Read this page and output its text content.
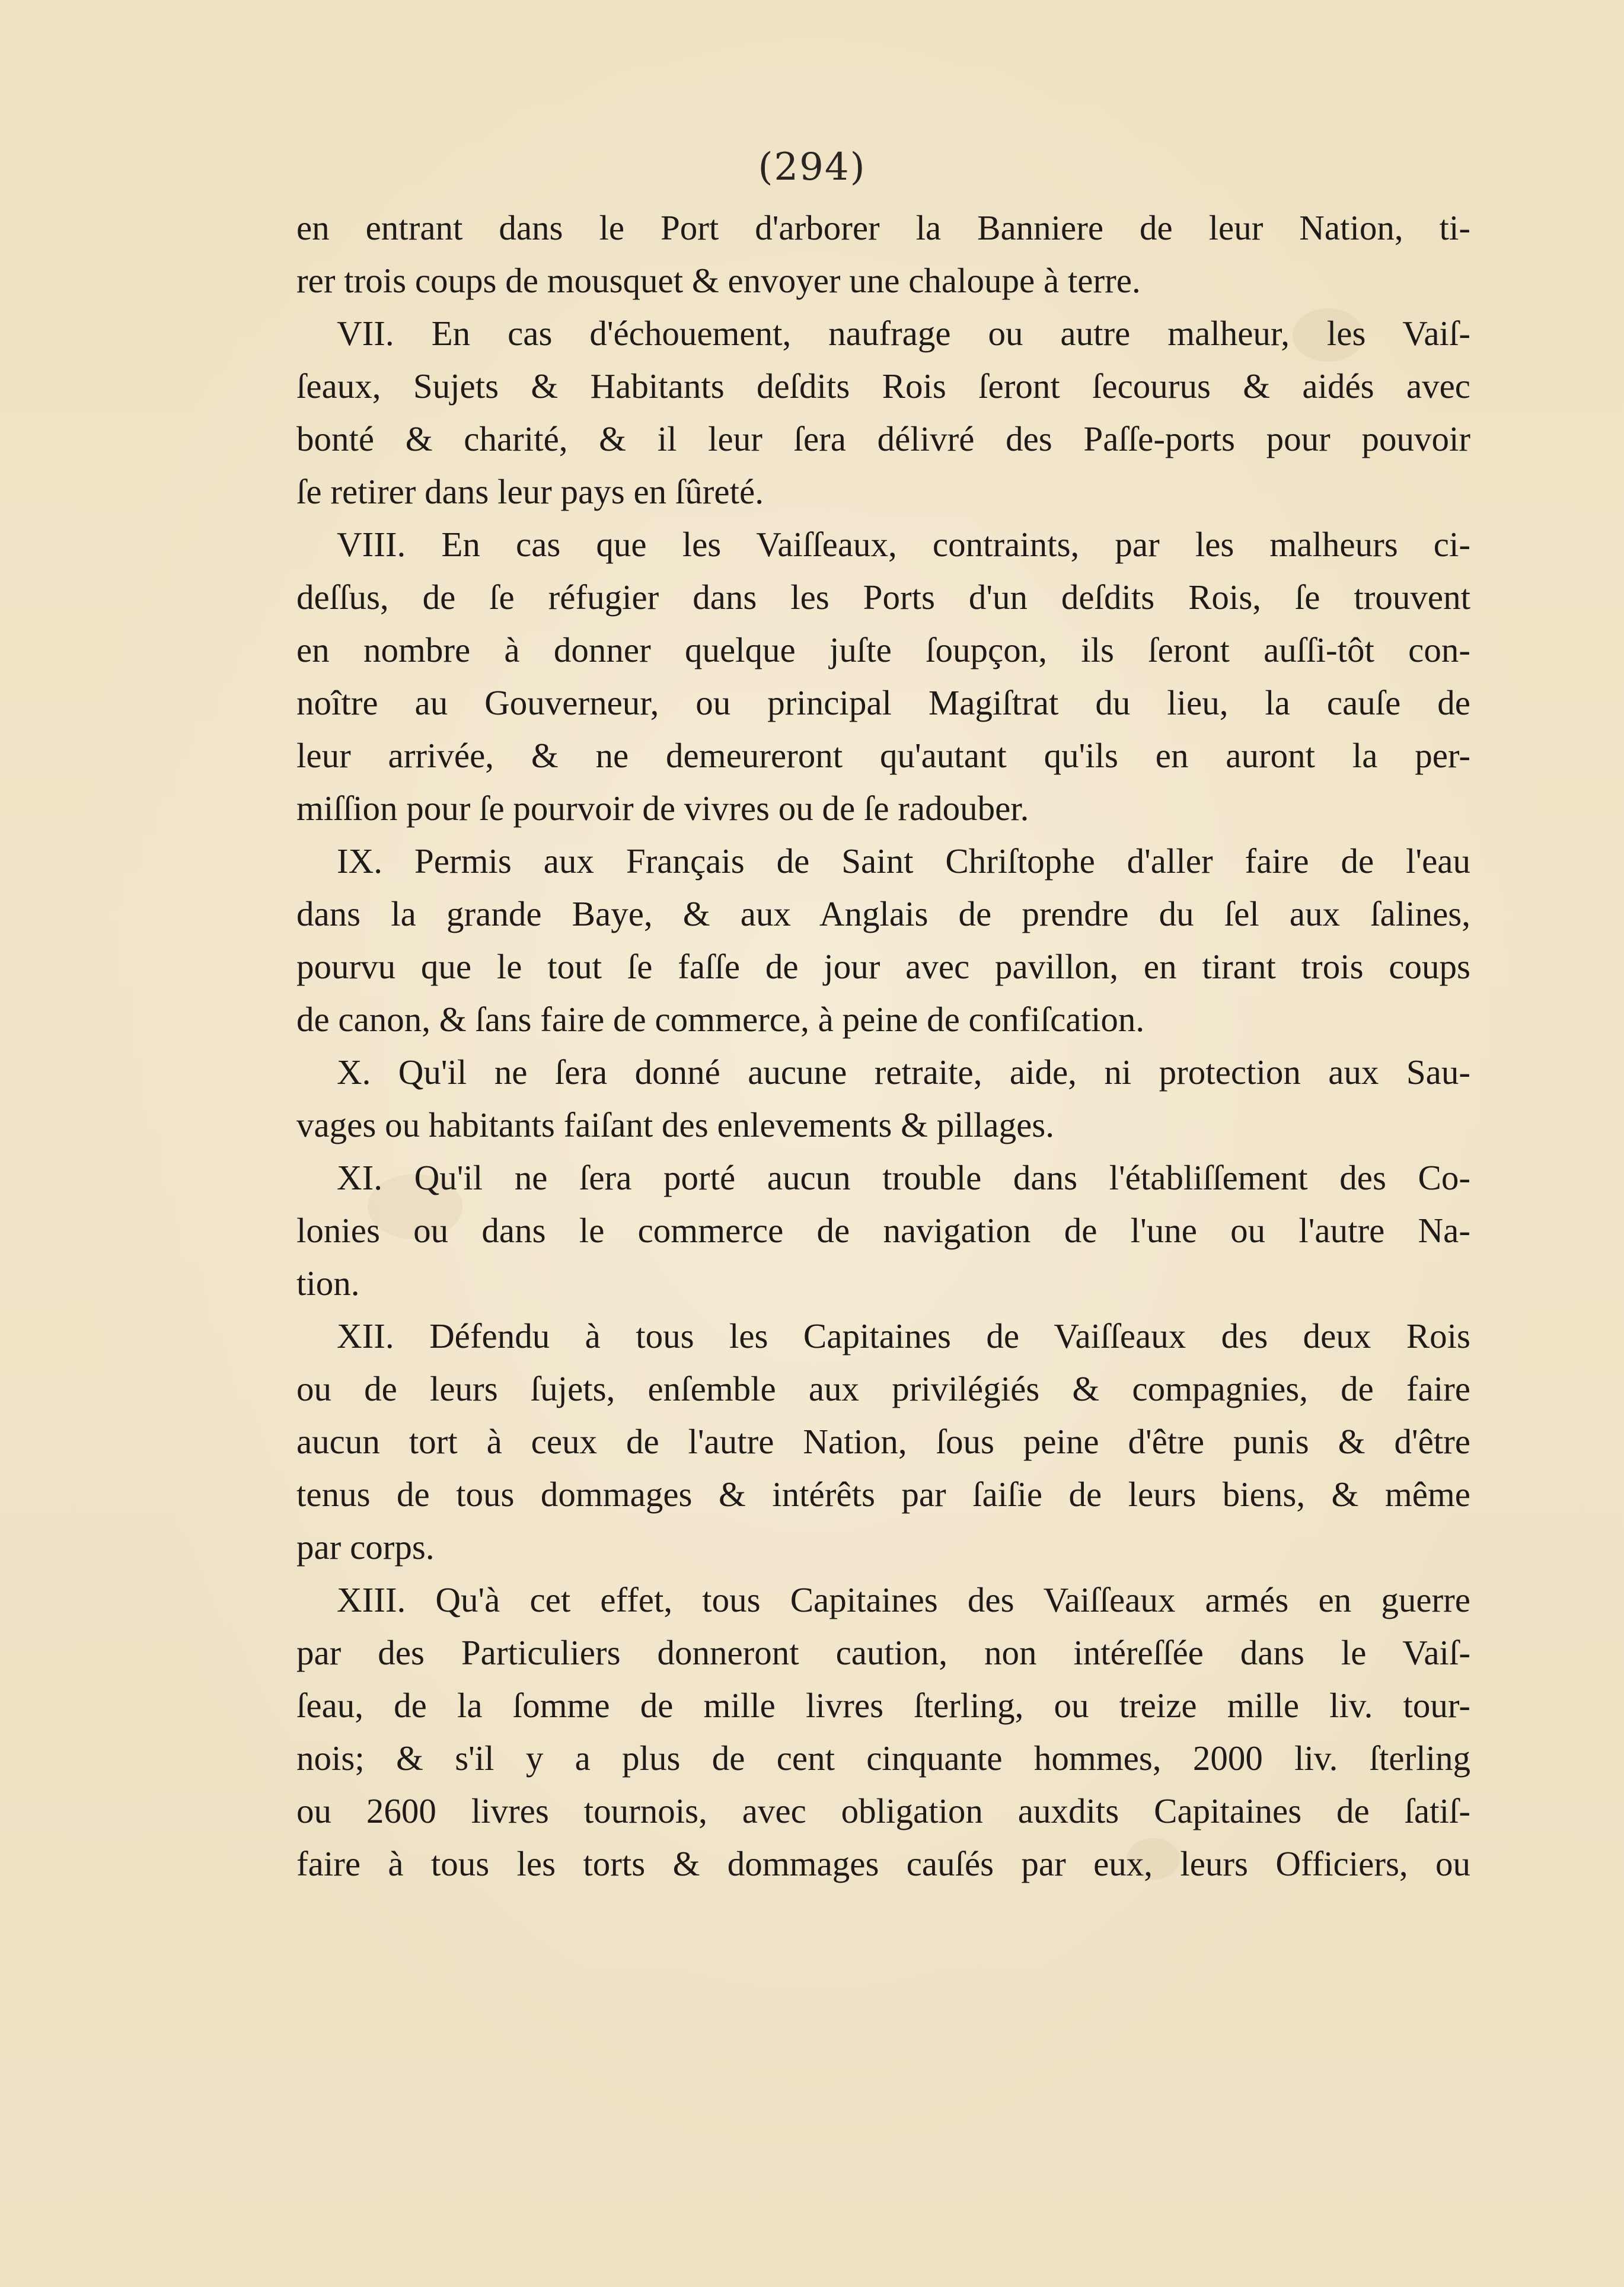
(294)
en entrant dans le Port d'arborer la Banniere de leur Nation, ti-
rer trois coups de mousquet & envoyer une chaloupe à terre.
VII. En cas d'échouement, naufrage ou autre malheur, les Vaiſ-
ſeaux, Sujets & Habitants deſdits Rois ſeront ſecourus & aidés avec
bonté & charité, & il leur ſera délivré des Paſſe-ports pour pouvoir
ſe retirer dans leur pays en ſûreté.
VIII. En cas que les Vaiſſeaux, contraints, par les malheurs ci-
deſſus, de ſe réfugier dans les Ports d'un deſdits Rois, ſe trouvent
en nombre à donner quelque juſte ſoupçon, ils ſeront auſſi-tôt con-
noître au Gouverneur, ou principal Magiſtrat du lieu, la cauſe de
leur arrivée, & ne demeureront qu'autant qu'ils en auront la per-
miſſion pour ſe pourvoir de vivres ou de ſe radouber.
IX. Permis aux Français de Saint Chriſtophe d'aller faire de l'eau
dans la grande Baye, & aux Anglais de prendre du ſel aux ſalines,
pourvu que le tout ſe faſſe de jour avec pavillon, en tirant trois coups
de canon, & ſans faire de commerce, à peine de confiſcation.
X. Qu'il ne ſera donné aucune retraite, aide, ni protection aux Sau-
vages ou habitants faiſant des enlevements & pillages.
XI. Qu'il ne ſera porté aucun trouble dans l'établiſſement des Co-
lonies ou dans le commerce de navigation de l'une ou l'autre Na-
tion.
XII. Défendu à tous les Capitaines de Vaiſſeaux des deux Rois
ou de leurs ſujets, enſemble aux privilégiés & compagnies, de faire
aucun tort à ceux de l'autre Nation, ſous peine d'être punis & d'être
tenus de tous dommages & intérêts par ſaiſie de leurs biens, & même
par corps.
XIII. Qu'à cet effet, tous Capitaines des Vaiſſeaux armés en guerre
par des Particuliers donneront caution, non intéreſſée dans le Vaiſ-
ſeau, de la ſomme de mille livres ſterling, ou treize mille liv. tour-
nois; & s'il y a plus de cent cinquante hommes, 2000 liv. ſterling
ou 2600 livres tournois, avec obligation auxdits Capitaines de ſatiſ-
faire à tous les torts & dommages cauſés par eux, leurs Officiers, ou
